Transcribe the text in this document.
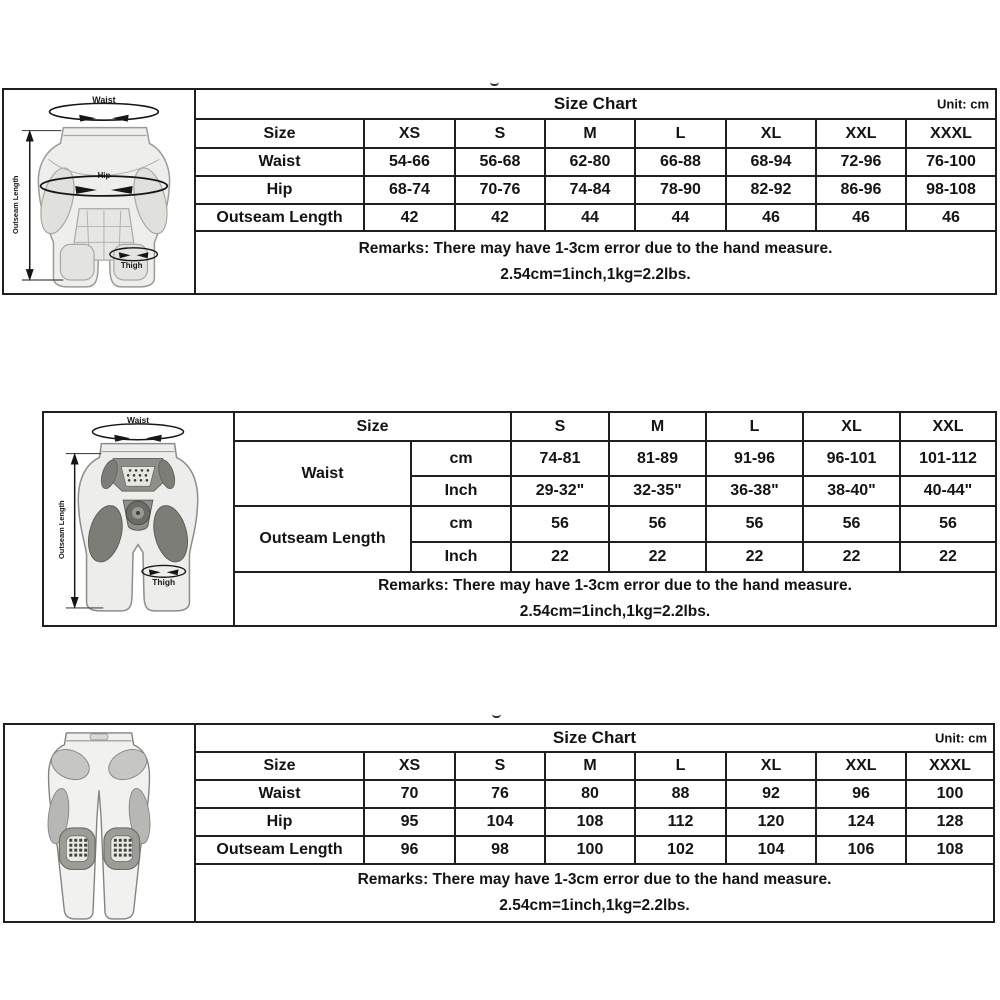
Waist
Hip
Thigh
Outseam Length	Size Chart Unit: cm							

	Size	XS	S	M	L	XL	XXL	XXXL
	Waist	54-66	56-68	62-80	66-88	68-94	72-96	76-100
	Hip	68-74	70-76	74-84	78-90	82-92	86-96	98-108
	Outseam Length	42	42	44	44	46	46	46

	Remarks: There may have 1-3cm error due to the hand measure.
2.54cm=1inch,1kg=2.2lbs.							
Waist
Thigh
Outseam Length	Size		S	M	L	XL	XXL
	Waist	cm	74-81	81-89	91-96	96-101	101-112
		Inch	29-32"	32-35"	36-38"	38-40"	40-44"
	Outseam Length	cm	56	56	56	56	56
		Inch	22	22	22	22	22

	Remarks: There may have 1-3cm error due to the hand measure.
2.54cm=1inch,1kg=2.2lbs.						
	Size Chart Unit: cm							

	Size	XS	S	M	L	XL	XXL	XXXL
	Waist	70	76	80	88	92	96	100
	Hip	95	104	108	112	120	124	128
	Outseam Length	96	98	100	102	104	106	108

	Remarks: There may have 1-3cm error due to the hand measure.
2.54cm=1inch,1kg=2.2lbs.							
